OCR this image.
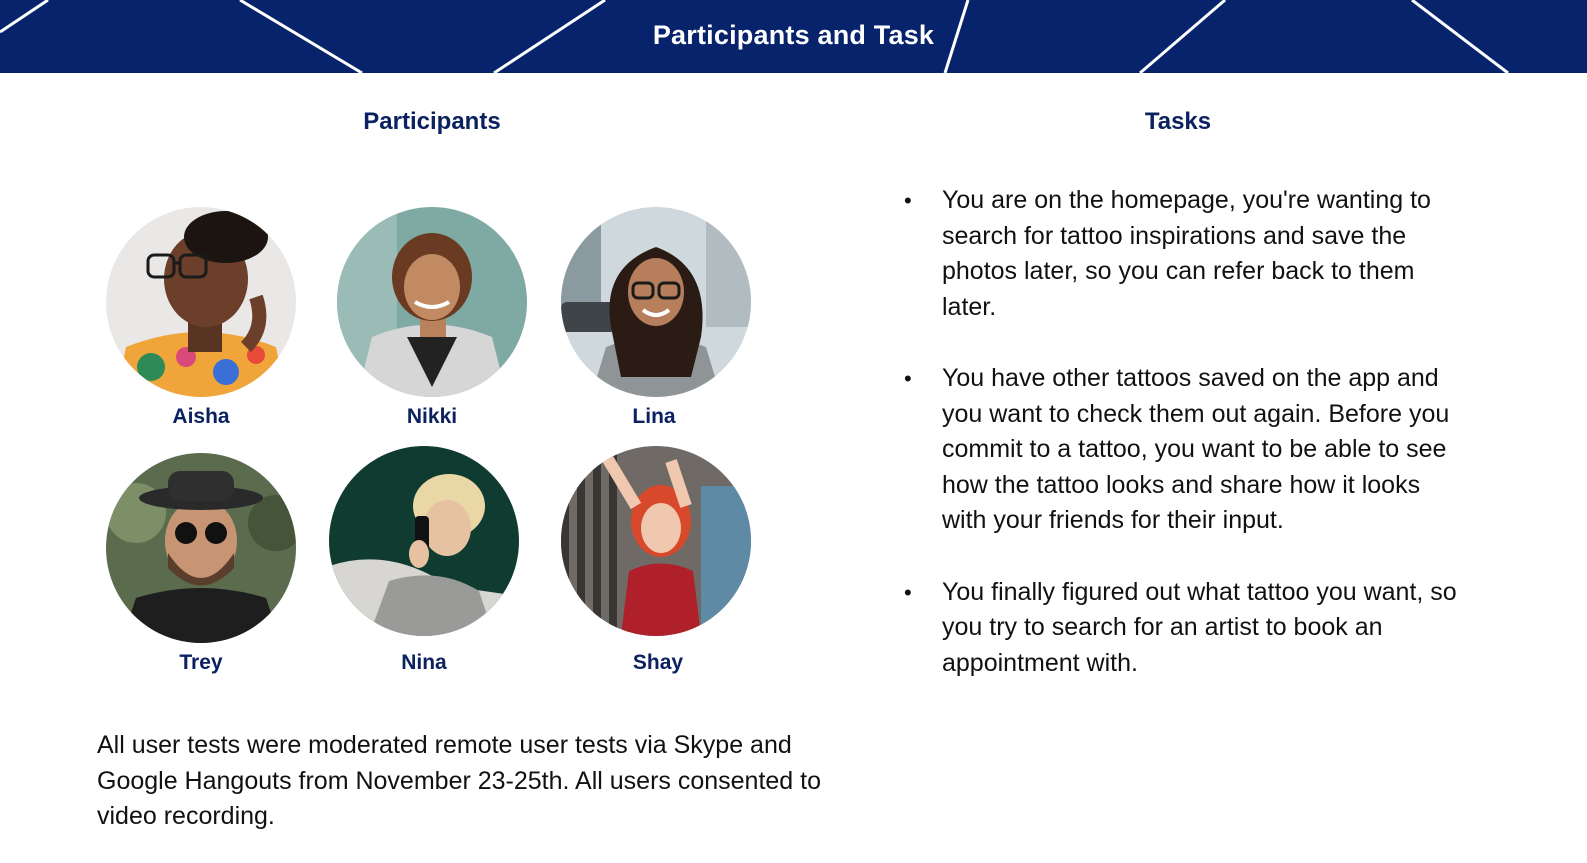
Participants and Task
Participants	Tasks
Aisha	Nikki	Lina
Trey	Nina	Shay
All user tests were moderated remote user tests via Skype and Google Hangouts from November 23-25th. All users consented to video recording.
• You are on the homepage, you're wanting to search for tattoo inspirations and save the photos later, so you can refer back to them later.
• You have other tattoos saved on the app and you want to check them out again. Before you commit to a tattoo, you want to be able to see how the tattoo looks and share how it looks with your friends for their input.
• You finally figured out what tattoo you want, so you try to search for an artist to book an appointment with.
